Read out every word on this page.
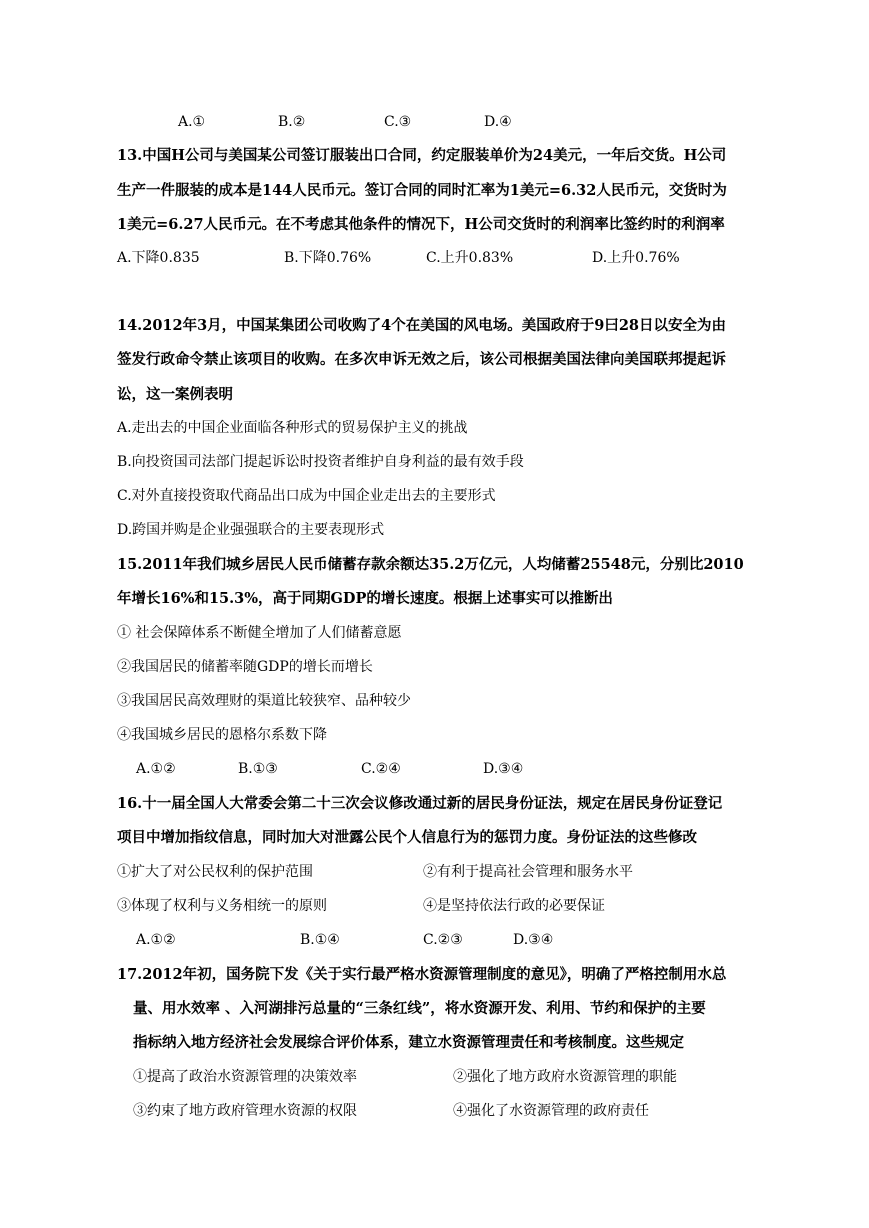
A.①	B.②	C.③	D.④
13.中国H公司与美国某公司签订服装出口合同，约定服装单价为24美元，一年后交货。H公司
生产一件服装的成本是144人民币元。签订合同的同时汇率为1美元=6.32人民币元，交货时为
1美元=6.27人民币元。在不考虑其他条件的情况下，H公司交货时的利润率比签约时的利润率
A.下降0.835	B.下降0.76%	C.上升0.83%	D.上升0.76%
14.2012年3月，中国某集团公司收购了4个在美国的风电场。美国政府于9曰28日以安全为由
签发行政命令禁止该项目的收购。在多次申诉无效之后，该公司根据美国法律向美国联邦提起诉
讼，这一案例表明
A.走出去的中国企业面临各种形式的贸易保护主义的挑战
B.向投资国司法部门提起诉讼时投资者维护自身利益的最有效手段
C.对外直接投资取代商品出口成为中国企业走出去的主要形式
D.跨国并购是企业强强联合的主要表现形式
15.2011年我们城乡居民人民币储蓄存款余额达35.2万亿元，人均储蓄25548元，分别比2010
年增长16%和15.3%，高于同期GDP的增长速度。根据上述事实可以推断出
① 社会保障体系不断健全增加了人们储蓄意愿
②我国居民的储蓄率随GDP的增长而增长
③我国居民高效理财的渠道比较狭窄、品种较少
④我国城乡居民的恩格尔系数下降
A.①②	B.①③	C.②④	D.③④
16.十一届全国人大常委会第二十三次会议修改通过新的居民身份证法，规定在居民身份证登记
项目中增加指纹信息，同时加大对泄露公民个人信息行为的惩罚力度。身份证法的这些修改
①扩大了对公民权利的保护范围	②有利于提高社会管理和服务水平
③体现了权利与义务相统一的原则	④是坚持依法行政的必要保证
A.①②	B.①④	C.②③	D.③④
17.2012年初，国务院下发《关于实行最严格水资源管理制度的意见》，明确了严格控制用水总
量、用水效率 、入河湖排污总量的“三条红线”，将水资源开发、利用、节约和保护的主要
指标纳入地方经济社会发展综合评价体系，建立水资源管理责任和考核制度。这些规定
①提高了政治水资源管理的决策效率	②强化了地方政府水资源管理的职能
③约束了地方政府管理水资源的权限	④强化了水资源管理的政府责任
